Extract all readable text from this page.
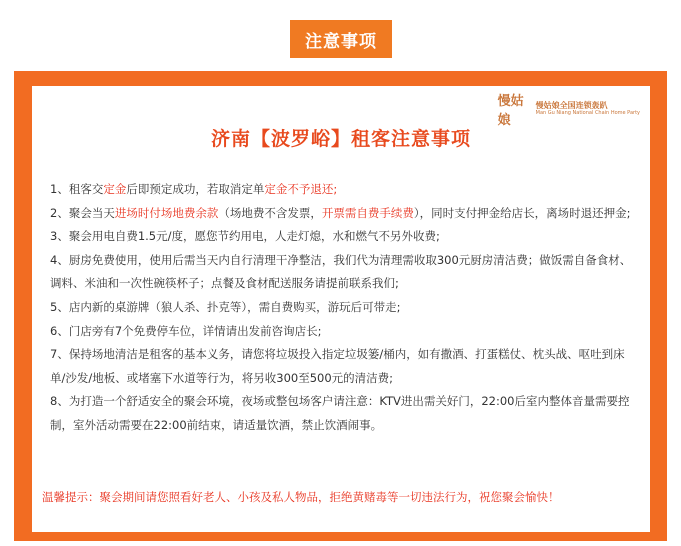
注意事项
慢姑娘
慢姑娘全国连锁轰趴
Man Gu Niang National Chain Home Party
济南【波罗峪】租客注意事项

1、租客交定金后即预定成功，若取消定单定金不予退还;

2、聚会当天进场时付场地费余款（场地费不含发票，开票需自费手续费），同时支付押金给店长，离场时退还押金;

3、聚会用电自费1.5元/度，愿您节约用电，人走灯熄，水和燃气不另外收费;

4、厨房免费使用，使用后需当天内自行清理干净整洁，我们代为清理需收取300元厨房清洁费；做饭需自备食材、调料、米油和一次性碗筷杯子；点餐及食材配送服务请提前联系我们;

5、店内新的桌游牌（狼人杀、扑克等），需自费购买，游玩后可带走;

6、门店旁有7个免费停车位，详情请出发前咨询店长;

7、保持场地清洁是租客的基本义务，请您将垃圾投入指定垃圾篓/桶内，如有撒酒、打蛋糕仗、枕头战、呕吐到床单/沙发/地板、或堵塞下水道等行为，将另收300至500元的清洁费;

8、为打造一个舒适安全的聚会环境，夜场或整包场客户请注意：KTV进出需关好门，22:00后室内整体音量需要控制，室外活动需要在22:00前结束，请适量饮酒，禁止饮酒闹事。

温馨提示：聚会期间请您照看好老人、小孩及私人物品，拒绝黄赌毒等一切违法行为，祝您聚会愉快！
